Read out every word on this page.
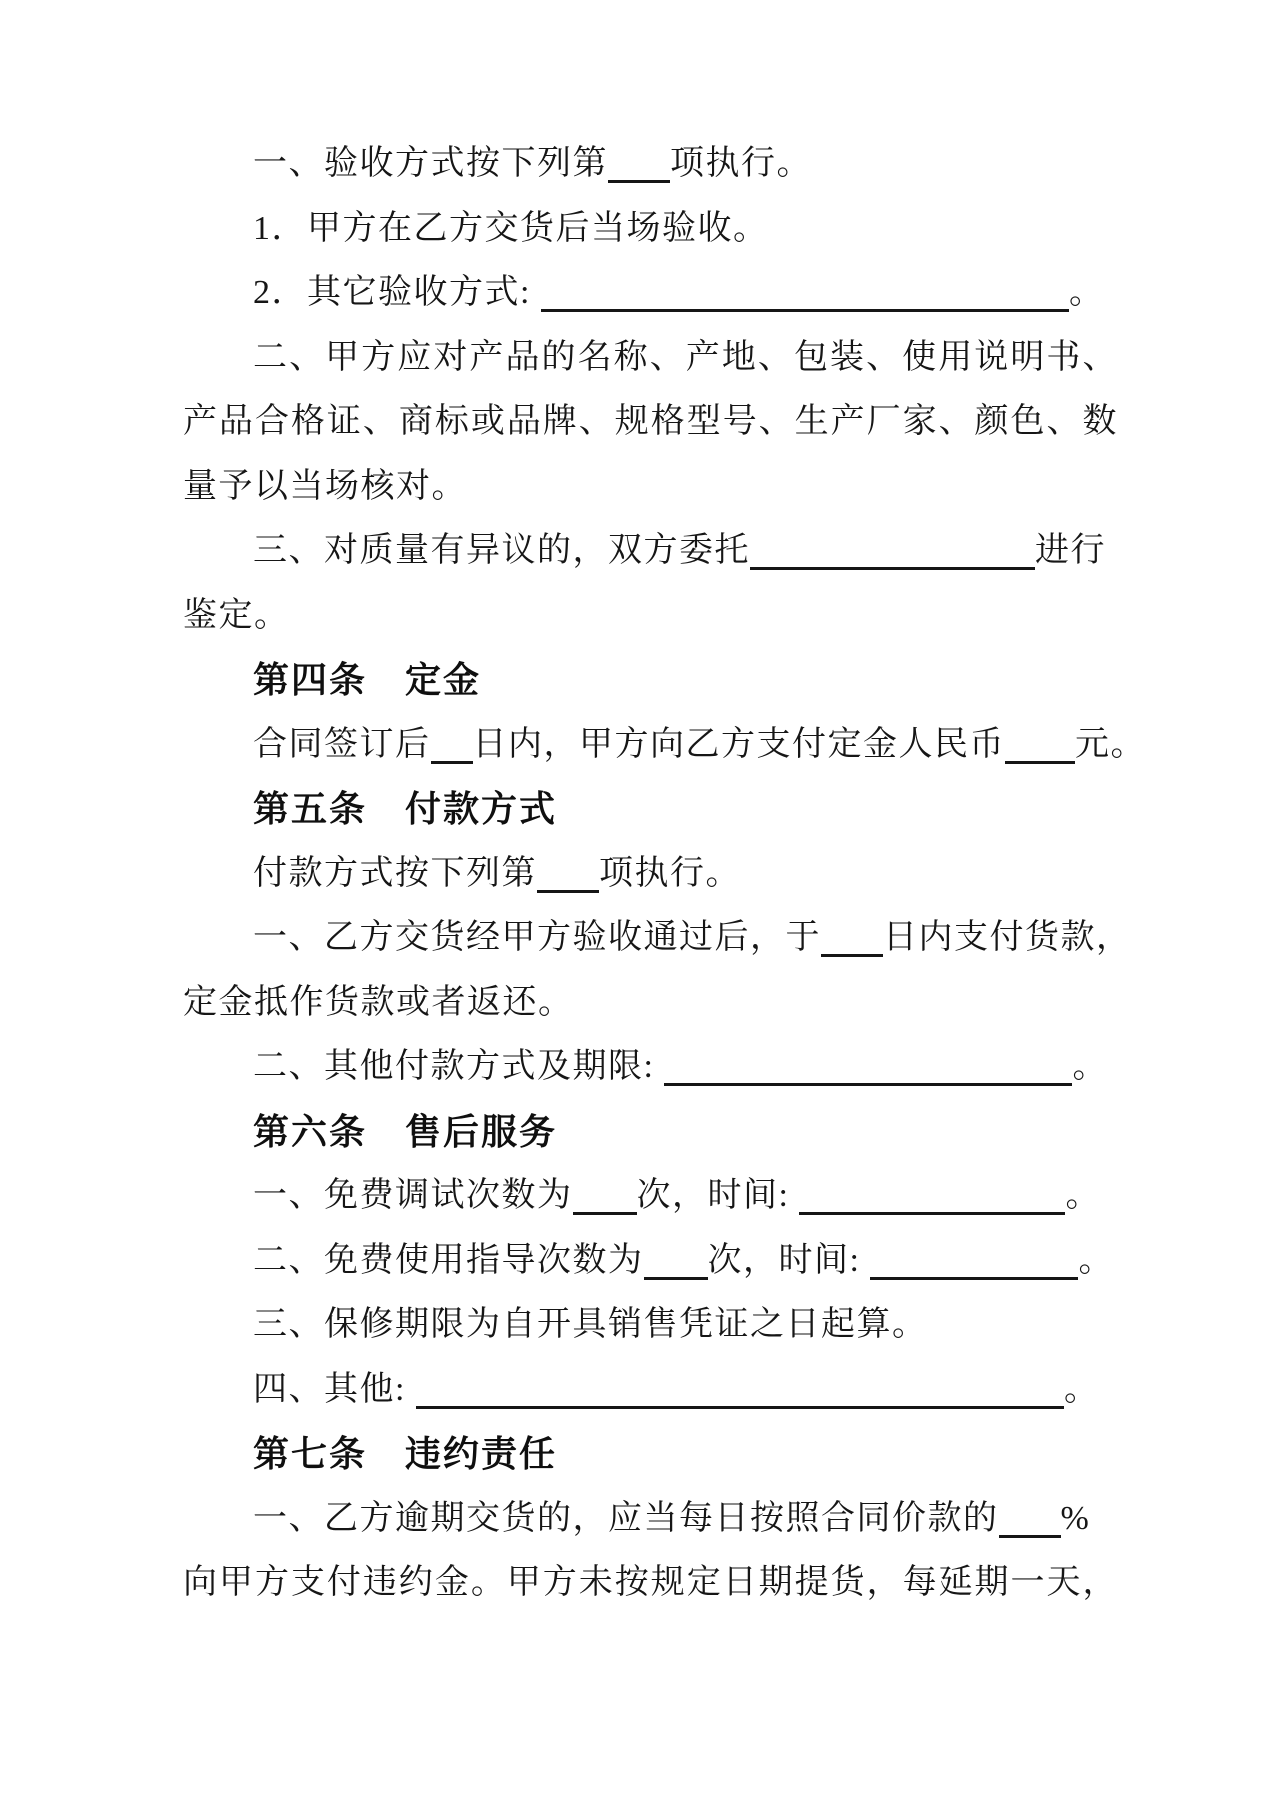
一、验收方式按下列第 项执行。
1．甲方在乙方交货后当场验收。
2．其它验收方式:	。
二、甲方应对产品的名称、产地、包装、使用说明书、
产品合格证、商标或品牌、规格型号、生产厂家、颜色、数
量予以当场核对。
三、对质量有异议的，双方委托	进行
鉴定。
第四条　定金
合同签订后 日内，甲方向乙方支付定金人民币 元。
第五条　付款方式
付款方式按下列第 项执行。
一、乙方交货经甲方验收通过后，于 日内支付货款，
定金抵作货款或者返还。
二、其他付款方式及期限:	。
第六条　售后服务
一、免费调试次数为 次，时间:	。
二、免费使用指导次数为 次，时间:	。
三、保修期限为自开具销售凭证之日起算。
四、其他:	。
第七条　违约责任
一、乙方逾期交货的，应当每日按照合同价款的 %
向甲方支付违约金。甲方未按规定日期提货，每延期一天，
